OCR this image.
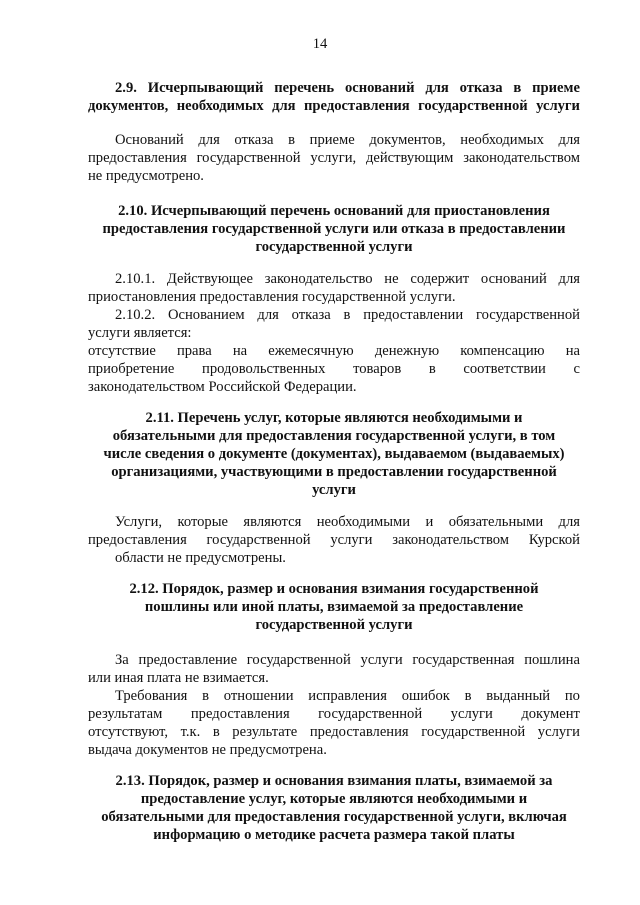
14
2.9. Исчерпывающий перечень оснований для отказа в приеме
документов, необходимых для предоставления государственной услуги
Оснований для отказа в приеме документов, необходимых для
предоставления государственной услуги, действующим законодательством
не предусмотрено.
2.10. Исчерпывающий перечень оснований для приостановления
предоставления государственной услуги или отказа в предоставлении
государственной услуги
2.10.1. Действующее законодательство не содержит оснований для
приостановления предоставления государственной услуги.
2.10.2. Основанием для отказа в предоставлении государственной
услуги является:
отсутствие права на ежемесячную денежную компенсацию на
приобретение продовольственных товаров в соответствии с
законодательством Российской Федерации.
2.11. Перечень услуг, которые являются необходимыми и
обязательными для предоставления государственной услуги, в том
числе сведения о документе (документах), выдаваемом (выдаваемых)
организациями, участвующими в предоставлении государственной
услуги
Услуги, которые являются необходимыми и обязательными для
предоставления государственной услуги законодательством Курской
области не предусмотрены.
2.12. Порядок, размер и основания взимания государственной
пошлины или иной платы, взимаемой за предоставление
государственной услуги
За предоставление государственной услуги государственная пошлина
или иная плата не взимается.
Требования в отношении исправления ошибок в выданный по
результатам предоставления государственной услуги документ
отсутствуют, т.к. в результате предоставления государственной услуги
выдача документов не предусмотрена.
2.13. Порядок, размер и основания взимания платы, взимаемой за
предоставление услуг, которые являются необходимыми и
обязательными для предоставления государственной услуги, включая
информацию о методике расчета размера такой платы
